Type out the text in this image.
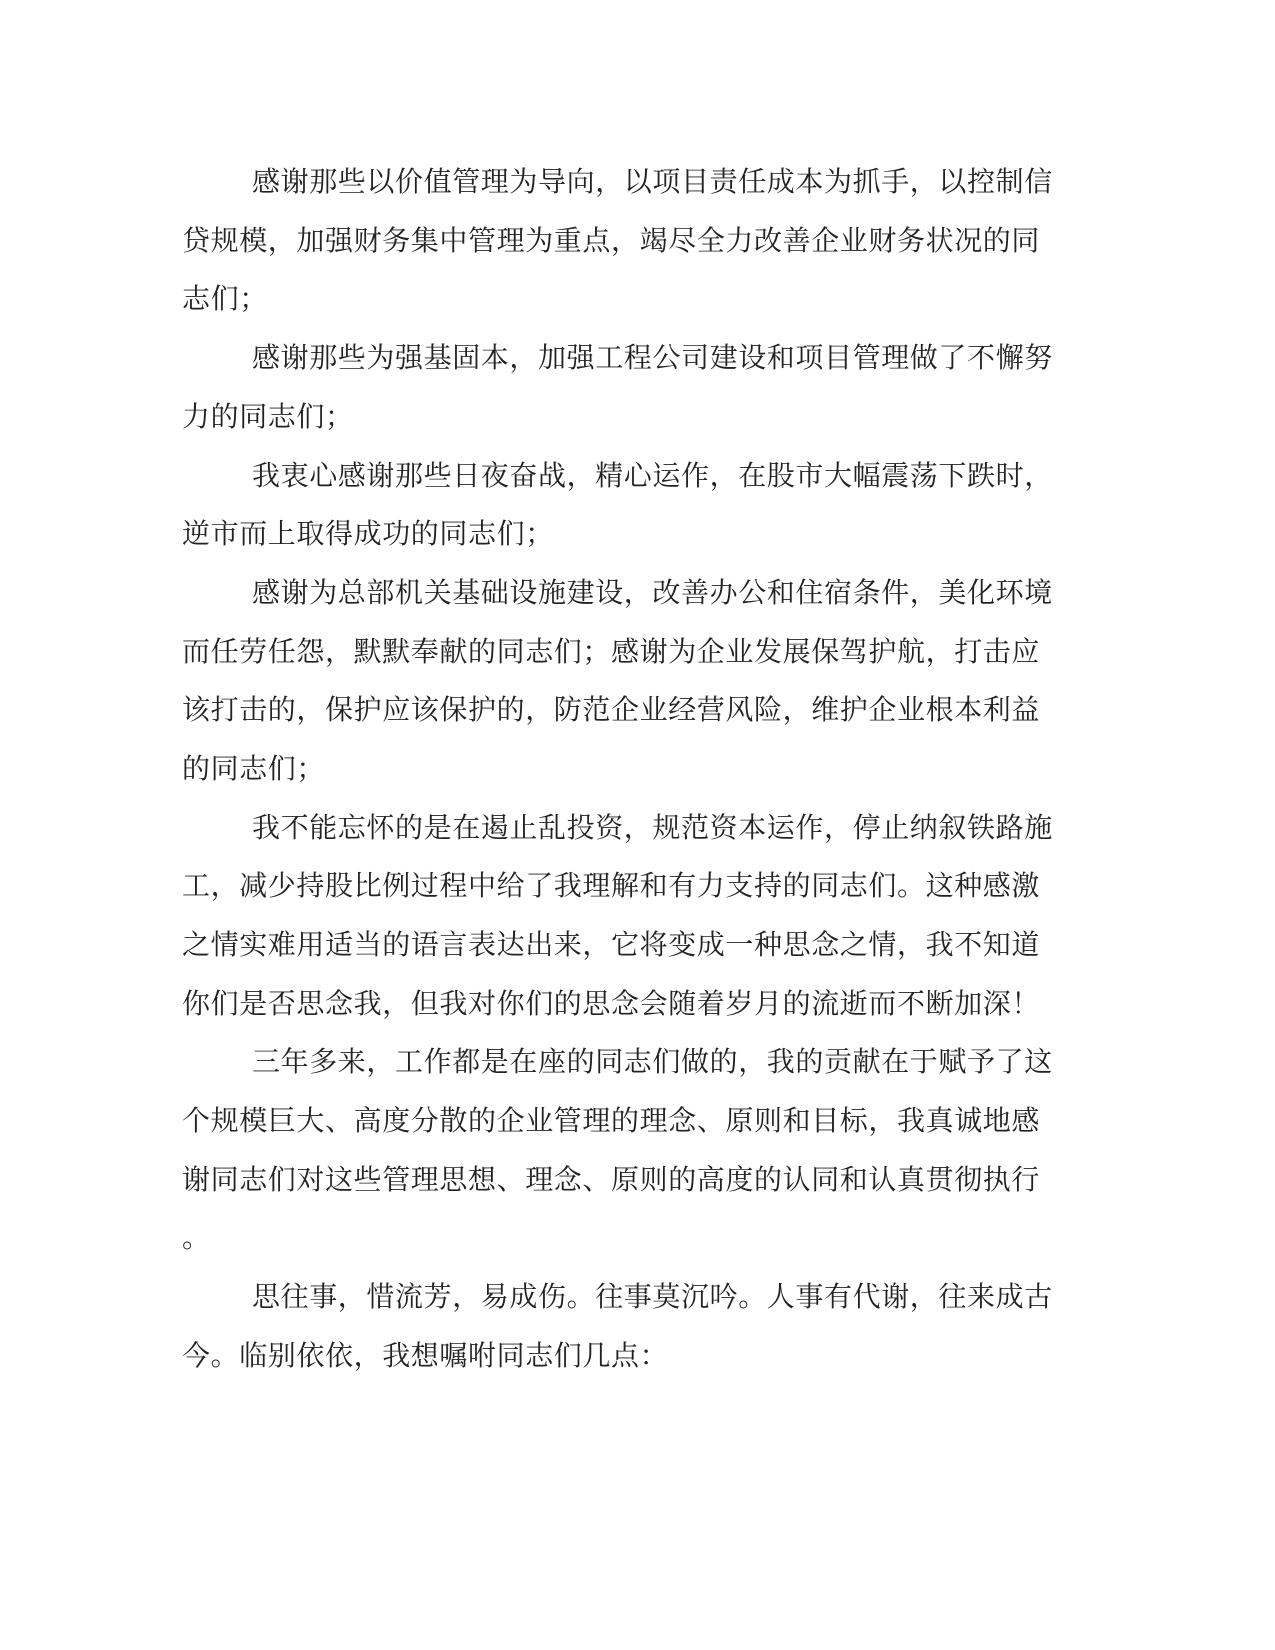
感谢那些以价值管理为导向，以项目责任成本为抓手，以控制信
贷规模，加强财务集中管理为重点，竭尽全力改善企业财务状况的同
志们；
感谢那些为强基固本，加强工程公司建设和项目管理做了不懈努
力的同志们；
我衷心感谢那些日夜奋战，精心运作，在股市大幅震荡下跌时，
逆市而上取得成功的同志们；
感谢为总部机关基础设施建设，改善办公和住宿条件，美化环境
而任劳任怨，默默奉献的同志们；感谢为企业发展保驾护航，打击应
该打击的，保护应该保护的，防范企业经营风险，维护企业根本利益
的同志们；
我不能忘怀的是在遏止乱投资，规范资本运作，停止纳叙铁路施
工，减少持股比例过程中给了我理解和有力支持的同志们。这种感激
之情实难用适当的语言表达出来，它将变成一种思念之情，我不知道
你们是否思念我，但我对你们的思念会随着岁月的流逝而不断加深！
三年多来，工作都是在座的同志们做的，我的贡献在于赋予了这
个规模巨大、高度分散的企业管理的理念、原则和目标，我真诚地感
谢同志们对这些管理思想、理念、原则的高度的认同和认真贯彻执行
。
思往事，惜流芳，易成伤。往事莫沉吟。人事有代谢，往来成古
今。临别依依，我想嘱咐同志们几点：
